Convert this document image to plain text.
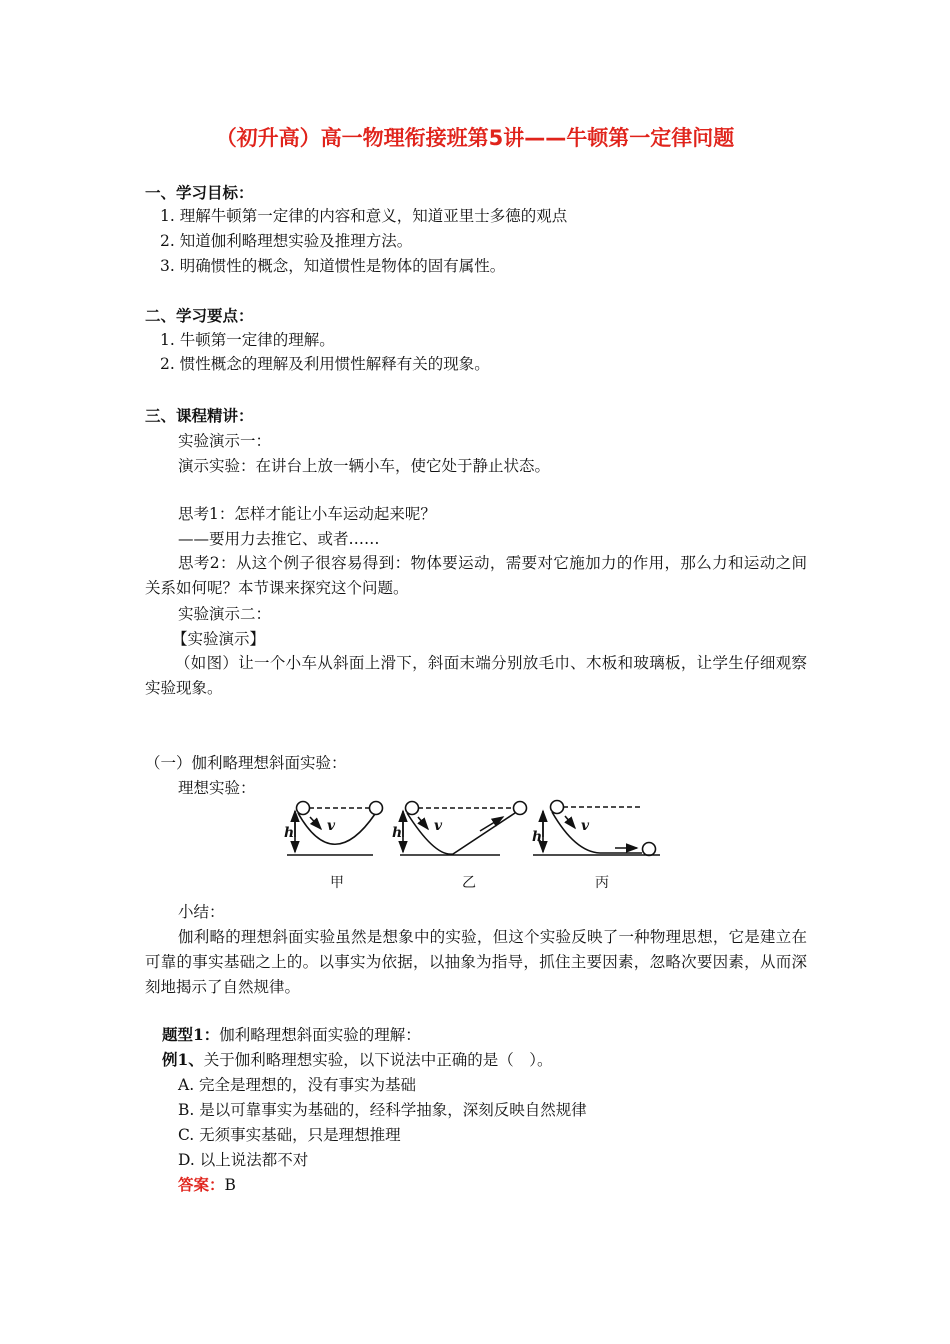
（初升高）高一物理衔接班第5讲——牛顿第一定律问题
一、学习目标：
1. 理解牛顿第一定律的内容和意义，知道亚里士多德的观点
2. 知道伽利略理想实验及推理方法。
3. 明确惯性的概念，知道惯性是物体的固有属性。
二、学习要点：
1. 牛顿第一定律的理解。
2. 惯性概念的理解及利用惯性解释有关的现象。
三、课程精讲：
实验演示一：
演示实验：在讲台上放一辆小车，使它处于静止状态。
思考1：怎样才能让小车运动起来呢？
——要用力去推它、或者……
思考2：从这个例子很容易得到：物体要运动，需要对它施加力的作用，那么力和运动之间关系如何呢？本节课来探究这个问题。
实验演示二：
【实验演示】
（如图）让一个小车从斜面上滑下，斜面末端分别放毛巾、木板和玻璃板，让学生仔细观察实验现象。
（一）伽利略理想斜面实验：
理想实验：
h v	h v
h
v
甲	乙	丙
小结：
伽利略的理想斜面实验虽然是想象中的实验，但这个实验反映了一种物理思想，它是建立在可靠的事实基础之上的。以事实为依据，以抽象为指导，抓住主要因素，忽略次要因素，从而深刻地揭示了自然规律。
题型1：伽利略理想斜面实验的理解：
例1、关于伽利略理想实验，以下说法中正确的是（　）。
A. 完全是理想的，没有事实为基础
B. 是以可靠事实为基础的，经科学抽象，深刻反映自然规律
C. 无须事实基础，只是理想推理
D. 以上说法都不对
答案：B
